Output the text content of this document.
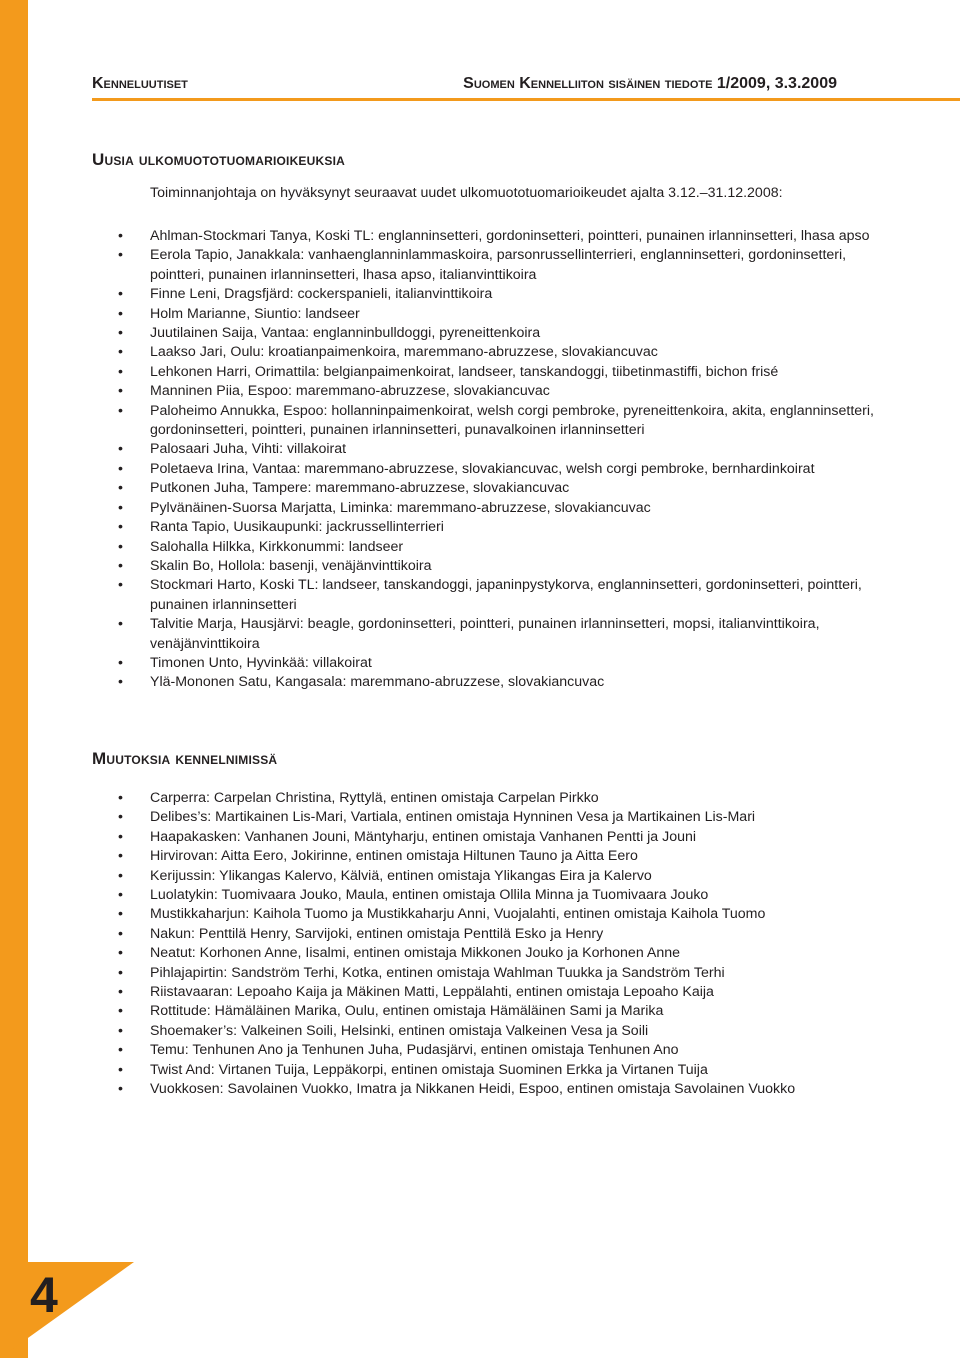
4
Kenneluutiset	Suomen Kennelliiton sisäinen tiedote 1/2009, 3.3.2009
Uusia ulkomuototuomarioikeuksia
Toiminnanjohtaja on hyväksynyt seuraavat uudet ulkomuototuomarioikeudet ajalta 3.12.–31.12.2008:
• Ahlman-Stockmari Tanya, Koski TL: englanninsetteri, gordoninsetteri, pointteri, punainen irlanninsetteri, lhasa apso
• Eerola Tapio, Janakkala: vanhaenglanninlammaskoira, parsonrussellinterrieri, englanninsetteri, gordoninsetteri, pointteri, punainen irlanninsetteri, lhasa apso, italianvinttikoira
• Finne Leni, Dragsfjärd: cockerspanieli, italianvinttikoira
• Holm Marianne, Siuntio: landseer
• Juutilainen Saija, Vantaa: englanninbulldoggi, pyreneittenkoira
• Laakso Jari, Oulu: kroatianpaimenkoira, maremmano-abruzzese, slovakiancuvac
• Lehkonen Harri, Orimattila: belgianpaimenkoirat, landseer, tanskandoggi, tiibetinmastiffi, bichon frisé
• Manninen Piia, Espoo: maremmano-abruzzese, slovakiancuvac
• Paloheimo Annukka, Espoo: hollanninpaimenkoirat, welsh corgi pembroke, pyreneittenkoira, akita, englanninsetteri, gordoninsetteri, pointteri, punainen irlanninsetteri, punavalkoinen irlanninsetteri
• Palosaari Juha, Vihti: villakoirat
• Poletaeva Irina, Vantaa: maremmano-abruzzese, slovakiancuvac, welsh corgi pembroke, bernhardinkoirat
• Putkonen Juha, Tampere: maremmano-abruzzese, slovakiancuvac
• Pylvänäinen-Suorsa Marjatta, Liminka: maremmano-abruzzese, slovakiancuvac
• Ranta Tapio, Uusikaupunki: jackrussellinterrieri
• Salohalla Hilkka, Kirkkonummi: landseer
• Skalin Bo, Hollola: basenji, venäjänvinttikoira
• Stockmari Harto, Koski TL: landseer, tanskandoggi, japaninpystykorva, englanninsetteri, gordoninsetteri, pointteri, punainen irlanninsetteri
• Talvitie Marja, Hausjärvi: beagle, gordoninsetteri, pointteri, punainen irlanninsetteri, mopsi, italianvinttikoira, venäjänvinttikoira
• Timonen Unto, Hyvinkää: villakoirat
• Ylä-Mononen Satu, Kangasala: maremmano-abruzzese, slovakiancuvac
Muutoksia kennelnimissä
• Carperra: Carpelan Christina, Ryttylä, entinen omistaja Carpelan Pirkko
• Delibes’s: Martikainen Lis-Mari, Vartiala, entinen omistaja Hynninen Vesa ja Martikainen Lis-Mari
• Haapakasken: Vanhanen Jouni, Mäntyharju, entinen omistaja Vanhanen Pentti ja Jouni
• Hirvirovan: Aitta Eero, Jokirinne, entinen omistaja Hiltunen Tauno ja Aitta Eero
• Kerijussin: Ylikangas Kalervo, Kälviä, entinen omistaja Ylikangas Eira ja Kalervo
• Luolatykin: Tuomivaara Jouko, Maula, entinen omistaja Ollila Minna ja Tuomivaara Jouko
• Mustikkaharjun: Kaihola Tuomo ja Mustikkaharju Anni, Vuojalahti, entinen omistaja Kaihola Tuomo
• Nakun: Penttilä Henry, Sarvijoki, entinen omistaja Penttilä Esko ja Henry
• Neatut: Korhonen Anne, Iisalmi, entinen omistaja Mikkonen Jouko ja Korhonen Anne
• Pihlajapirtin: Sandström Terhi, Kotka, entinen omistaja Wahlman Tuukka ja Sandström Terhi
• Riistavaaran: Lepoaho Kaija ja Mäkinen Matti, Leppälahti, entinen omistaja Lepoaho Kaija
• Rottitude: Hämäläinen Marika, Oulu, entinen omistaja Hämäläinen Sami ja Marika
• Shoemaker’s: Valkeinen Soili, Helsinki, entinen omistaja Valkeinen Vesa ja Soili
• Temu: Tenhunen Ano ja Tenhunen Juha, Pudasjärvi, entinen omistaja Tenhunen Ano
• Twist And: Virtanen Tuija, Leppäkorpi, entinen omistaja Suominen Erkka ja Virtanen Tuija
• Vuokkosen: Savolainen Vuokko, Imatra ja Nikkanen Heidi, Espoo, entinen omistaja Savolainen Vuokko
